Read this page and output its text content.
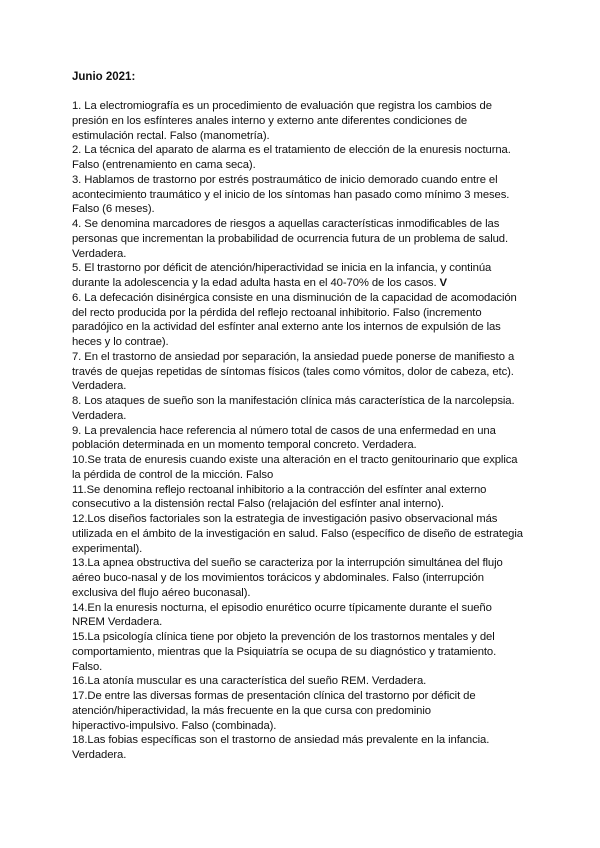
Junio 2021:
1. La electromiografía es un procedimiento de evaluación que registra los cambios de
presión en los esfínteres anales interno y externo ante diferentes condiciones de
estimulación rectal. Falso (manometría).
2. La técnica del aparato de alarma es el tratamiento de elección de la enuresis nocturna.
Falso (entrenamiento en cama seca).
3. Hablamos de trastorno por estrés postraumático de inicio demorado cuando entre el
acontecimiento traumático y el inicio de los síntomas han pasado como mínimo 3 meses.
Falso (6 meses).
4. Se denomina marcadores de riesgos a aquellas características inmodificables de las
personas que incrementan la probabilidad de ocurrencia futura de un problema de salud.
Verdadera.
5. El trastorno por déficit de atención/hiperactividad se inicia en la infancia, y continúa
durante la adolescencia y la edad adulta hasta en el 40-70% de los casos. V
6. La defecación disinérgica consiste en una disminución de la capacidad de acomodación
del recto producida por la pérdida del reflejo rectoanal inhibitorio. Falso (incremento
paradójico en la actividad del esfínter anal externo ante los internos de expulsión de las
heces y lo contrae).
7. En el trastorno de ansiedad por separación, la ansiedad puede ponerse de manifiesto a
través de quejas repetidas de síntomas físicos (tales como vómitos, dolor de cabeza, etc).
Verdadera.
8. Los ataques de sueño son la manifestación clínica más característica de la narcolepsia.
Verdadera.
9. La prevalencia hace referencia al número total de casos de una enfermedad en una
población determinada en un momento temporal concreto. Verdadera.
10.Se trata de enuresis cuando existe una alteración en el tracto genitourinario que explica
la pérdida de control de la micción. Falso
11.Se denomina reflejo rectoanal inhibitorio a la contracción del esfínter anal externo
consecutivo a la distensión rectal Falso (relajación del esfínter anal interno).
12.Los diseños factoriales son la estrategia de investigación pasivo observacional más
utilizada en el ámbito de la investigación en salud. Falso (específico de diseño de estrategia
experimental).
13.La apnea obstructiva del sueño se caracteriza por la interrupción simultánea del flujo
aéreo buco-nasal y de los movimientos torácicos y abdominales. Falso (interrupción
exclusiva del flujo aéreo buconasal).
14.En la enuresis nocturna, el episodio enurético ocurre típicamente durante el sueño
NREM Verdadera.
15.La psicología clínica tiene por objeto la prevención de los trastornos mentales y del
comportamiento, mientras que la Psiquiatría se ocupa de su diagnóstico y tratamiento.
Falso.
16.La atonía muscular es una característica del sueño REM. Verdadera.
17.De entre las diversas formas de presentación clínica del trastorno por déficit de
atención/hiperactividad, la más frecuente en la que cursa con predominio
hiperactivo-impulsivo. Falso (combinada).
18.Las fobias específicas son el trastorno de ansiedad más prevalente en la infancia.
Verdadera.
